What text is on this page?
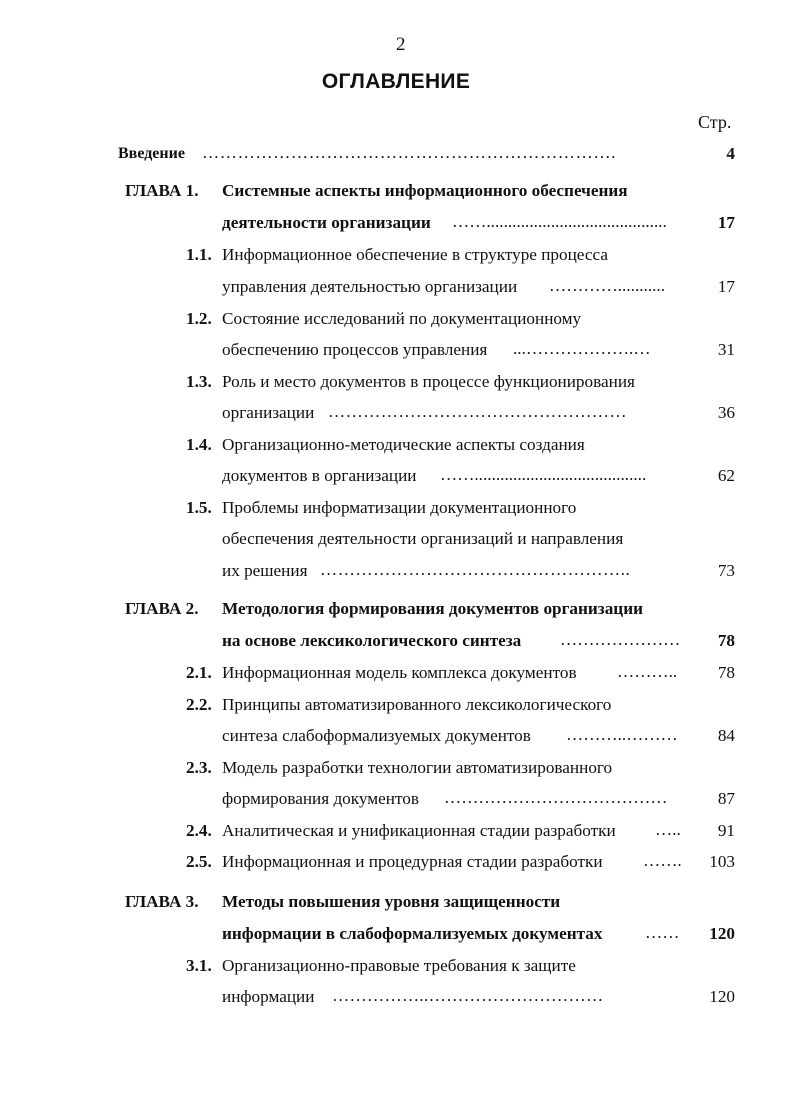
2
ОГЛАВЛЕНИЕ
Стр.
Введение …………………………………………………………….	4
ГЛАВА 1. Системные аспекты информационного обеспечения
деятельности организации ……..........................................	17
1.1. Информационное обеспечение в структуре процесса
управления деятельностью организации …………...........	17
1.2. Состояние исследований по документационному
обеспечению процессов управления ...……………….…	31
1.3. Роль и место документов в процессе функционирования
организации ……………………………………………	36
1.4. Организационно-методические аспекты создания
документов в организации ……........................................	62
1.5. Проблемы информатизации документационного
обеспечения деятельности организаций и направления
их решения ……………………………………………..	73
ГЛАВА 2. Методология формирования документов организации
на основе лексикологического синтеза …………………	78
2.1. Информационная модель комплекса документов ………..	78
2.2. Принципы автоматизированного лексикологического
синтеза слабоформализуемых документов ………..………	84
2.3. Модель разработки технологии автоматизированного
формирования документов …………………………………	87
2.4. Аналитическая и унификационная стадии разработки …..	91
2.5. Информационная и процедурная стадии разработки …….	103
ГЛАВА 3. Методы повышения уровня защищенности
информации в слабоформализуемых документах ……	120
3.1. Организационно-правовые требования к защите
информации ……………..…………………………	120
